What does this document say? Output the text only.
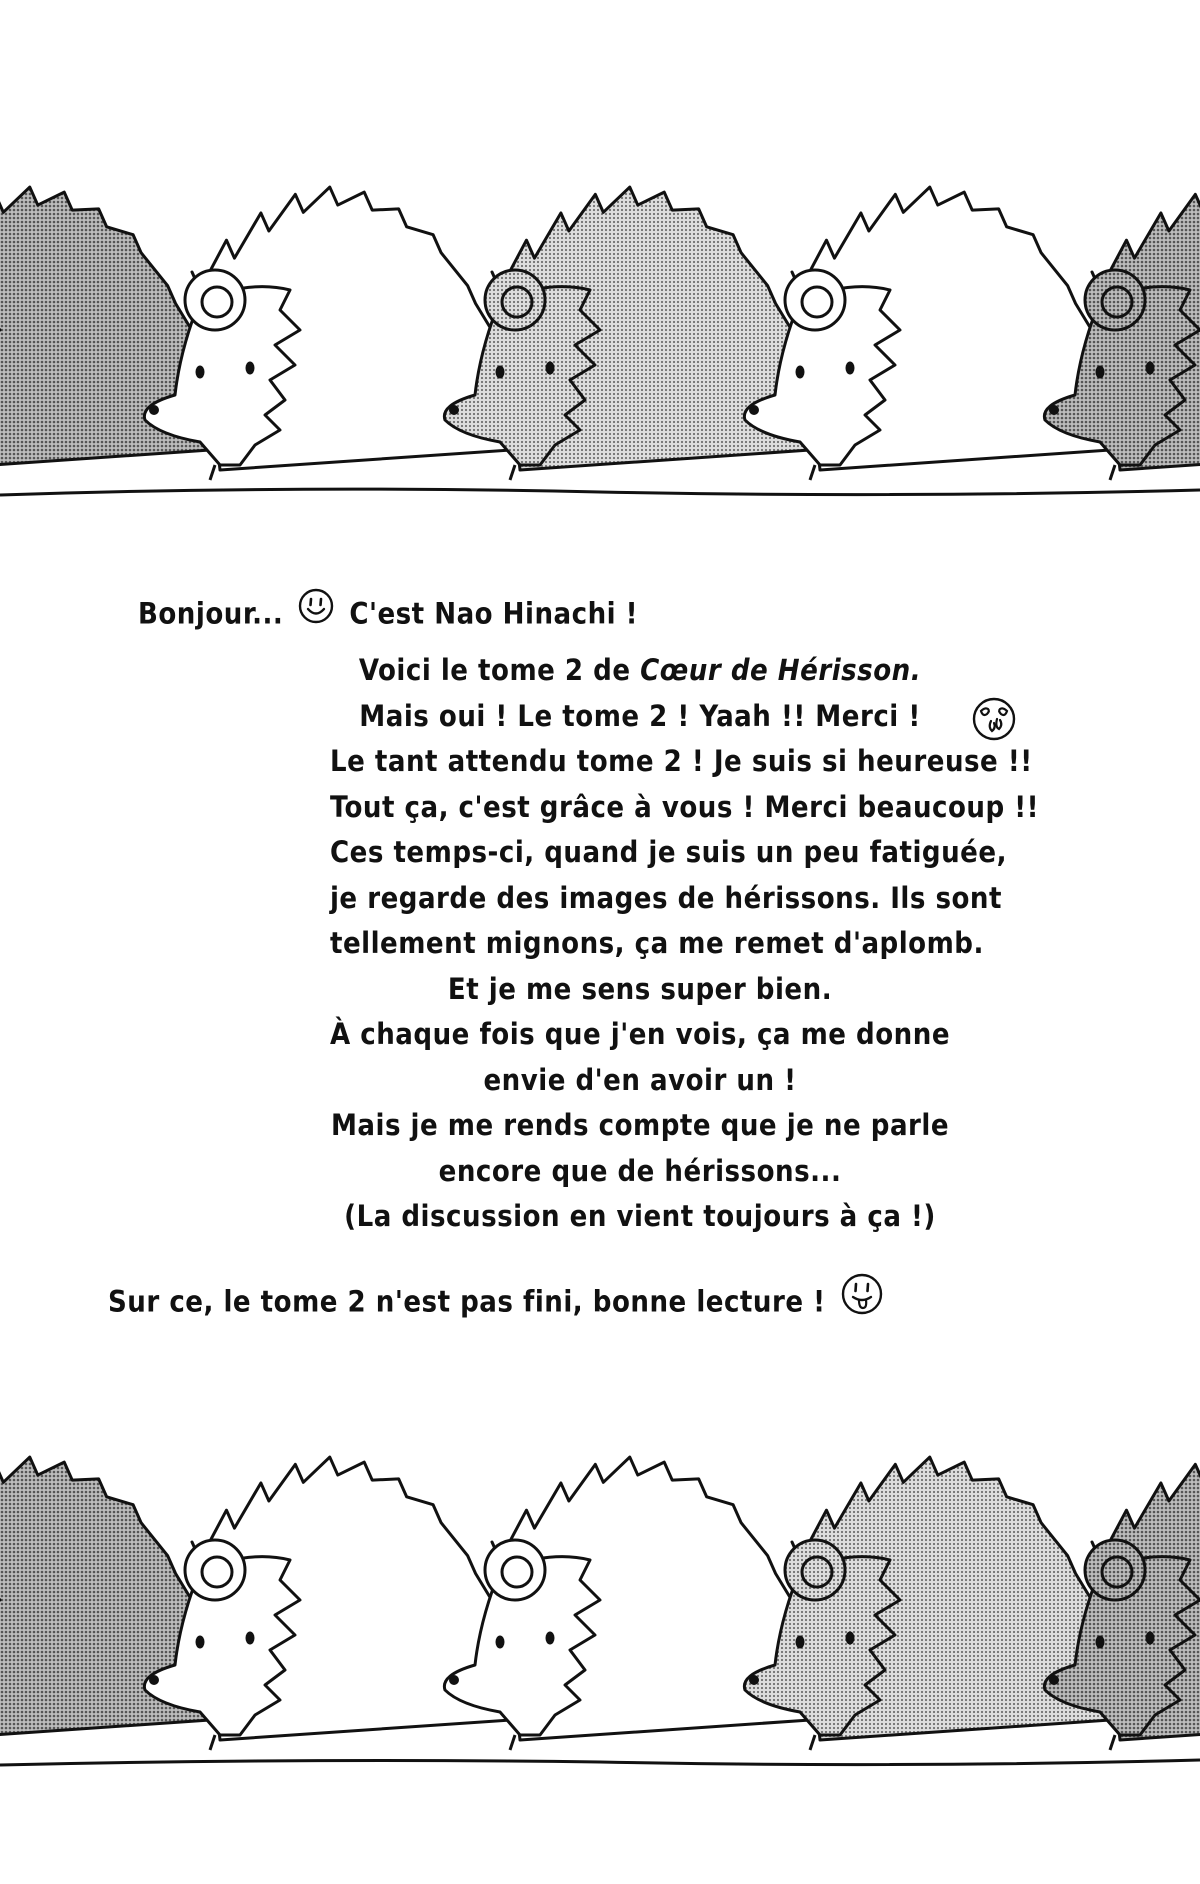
Bonjour... C'est Nao Hinachi !
Voici le tome 2 de Cœur de Hérisson.
Mais oui ! Le tome 2 ! Yaah !! Merci !
Le tant attendu tome 2 ! Je suis si heureuse !!
Tout ça, c'est grâce à vous ! Merci beaucoup !!
Ces temps-ci, quand je suis un peu fatiguée,
je regarde des images de hérissons. Ils sont
tellement mignons, ça me remet d'aplomb.
Et je me sens super bien.
À chaque fois que j'en vois, ça me donne
envie d'en avoir un !
Mais je me rends compte que je ne parle
encore que de hérissons...
(La discussion en vient toujours à ça !)
Sur ce, le tome 2 n'est pas fini, bonne lecture !
